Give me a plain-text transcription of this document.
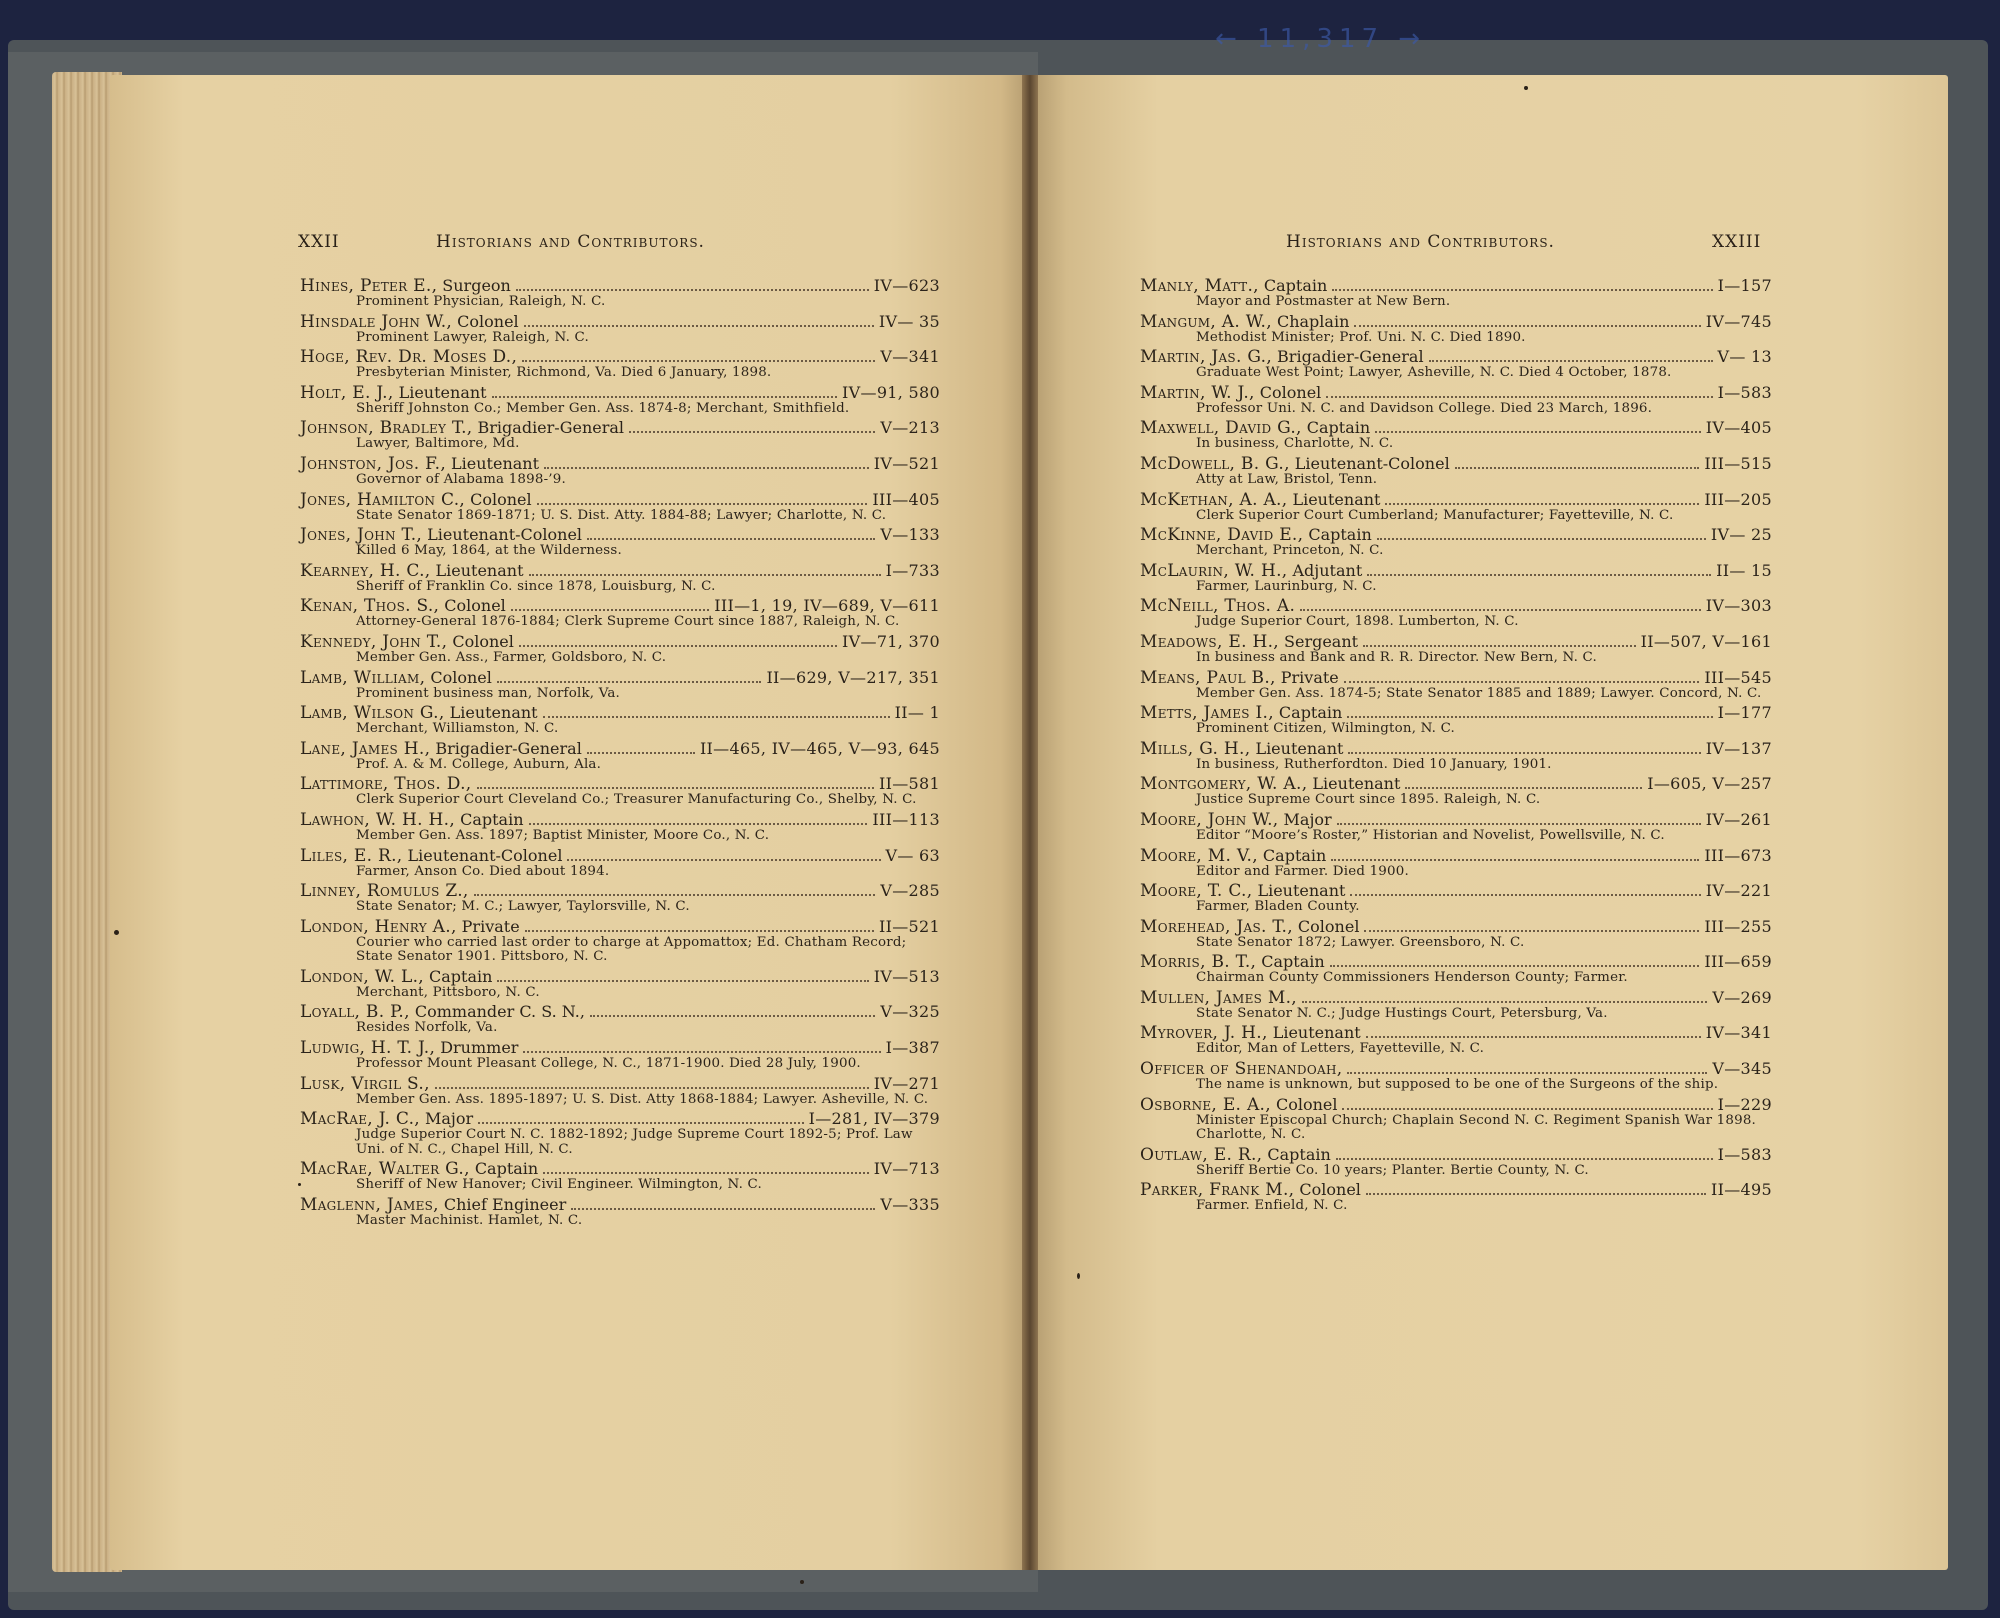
← 11,317 →
XXII	Historians and Contributors.	Historians and Contributors.	XXIII
Hines, Peter E., Surgeon	IV—623
Prominent Physician, Raleigh, N. C.
Hinsdale John W., Colonel	IV— 35
Prominent Lawyer, Raleigh, N. C.
Hoge, Rev. Dr. Moses D.,	V—341
Presbyterian Minister, Richmond, Va. Died 6 January, 1898.
Holt, E. J., Lieutenant	IV—91, 580
Sheriff Johnston Co.; Member Gen. Ass. 1874-8; Merchant, Smithfield.
Johnson, Bradley T., Brigadier-General	V—213
Lawyer, Baltimore, Md.
Johnston, Jos. F., Lieutenant	IV—521
Governor of Alabama 1898-’9.
Jones, Hamilton C., Colonel	III—405
State Senator 1869-1871; U. S. Dist. Atty. 1884-88; Lawyer; Charlotte, N. C.
Jones, John T., Lieutenant-Colonel	V—133
Killed 6 May, 1864, at the Wilderness.
Kearney, H. C., Lieutenant	I—733
Sheriff of Franklin Co. since 1878, Louisburg, N. C.
Kenan, Thos. S., Colonel	III—1, 19, IV—689, V—611
Attorney-General 1876-1884; Clerk Supreme Court since 1887, Raleigh, N. C.
Kennedy, John T., Colonel	IV—71, 370
Member Gen. Ass., Farmer, Goldsboro, N. C.
Lamb, William, Colonel	II—629, V—217, 351
Prominent business man, Norfolk, Va.
Lamb, Wilson G., Lieutenant	II— 1
Merchant, Williamston, N. C.
Lane, James H., Brigadier-General	II—465, IV—465, V—93, 645
Prof. A. & M. College, Auburn, Ala.
Lattimore, Thos. D.,	II—581
Clerk Superior Court Cleveland Co.; Treasurer Manufacturing Co., Shelby, N. C.
Lawhon, W. H. H., Captain	III—113
Member Gen. Ass. 1897; Baptist Minister, Moore Co., N. C.
Liles, E. R., Lieutenant-Colonel	V— 63
Farmer, Anson Co. Died about 1894.
Linney, Romulus Z.,	V—285
State Senator; M. C.; Lawyer, Taylorsville, N. C.
London, Henry A., Private	II—521
Courier who carried last order to charge at Appomattox; Ed. Chatham Record; State Senator 1901. Pittsboro, N. C.
London, W. L., Captain	IV—513
Merchant, Pittsboro, N. C.
Loyall, B. P., Commander C. S. N.,	V—325
Resides Norfolk, Va.
Ludwig, H. T. J., Drummer	I—387
Professor Mount Pleasant College, N. C., 1871-1900. Died 28 July, 1900.
Lusk, Virgil S.,	IV—271
Member Gen. Ass. 1895-1897; U. S. Dist. Atty 1868-1884; Lawyer. Asheville, N. C.
MacRae, J. C., Major	I—281, IV—379
Judge Superior Court N. C. 1882-1892; Judge Supreme Court 1892-5; Prof. Law Uni. of N. C., Chapel Hill, N. C.
MacRae, Walter G., Captain	IV—713
Sheriff of New Hanover; Civil Engineer. Wilmington, N. C.
Maglenn, James, Chief Engineer	V—335
Master Machinist. Hamlet, N. C.
Manly, Matt., Captain	I—157
Mayor and Postmaster at New Bern.
Mangum, A. W., Chaplain	IV—745
Methodist Minister; Prof. Uni. N. C. Died 1890.
Martin, Jas. G., Brigadier-General	V— 13
Graduate West Point; Lawyer, Asheville, N. C. Died 4 October, 1878.
Martin, W. J., Colonel	I—583
Professor Uni. N. C. and Davidson College. Died 23 March, 1896.
Maxwell, David G., Captain	IV—405
In business, Charlotte, N. C.
McDowell, B. G., Lieutenant-Colonel	III—515
Atty at Law, Bristol, Tenn.
McKethan, A. A., Lieutenant	III—205
Clerk Superior Court Cumberland; Manufacturer; Fayetteville, N. C.
McKinne, David E., Captain	IV— 25
Merchant, Princeton, N. C.
McLaurin, W. H., Adjutant	II— 15
Farmer, Laurinburg, N. C.
McNeill, Thos. A.	IV—303
Judge Superior Court, 1898. Lumberton, N. C.
Meadows, E. H., Sergeant	II—507, V—161
In business and Bank and R. R. Director. New Bern, N. C.
Means, Paul B., Private	III—545
Member Gen. Ass. 1874-5; State Senator 1885 and 1889; Lawyer. Concord, N. C.
Metts, James I., Captain	I—177
Prominent Citizen, Wilmington, N. C.
Mills, G. H., Lieutenant	IV—137
In business, Rutherfordton. Died 10 January, 1901.
Montgomery, W. A., Lieutenant	I—605, V—257
Justice Supreme Court since 1895. Raleigh, N. C.
Moore, John W., Major	IV—261
Editor “Moore’s Roster,” Historian and Novelist, Powellsville, N. C.
Moore, M. V., Captain	III—673
Editor and Farmer. Died 1900.
Moore, T. C., Lieutenant	IV—221
Farmer, Bladen County.
Morehead, Jas. T., Colonel	III—255
State Senator 1872; Lawyer. Greensboro, N. C.
Morris, B. T., Captain	III—659
Chairman County Commissioners Henderson County; Farmer.
Mullen, James M.,	V—269
State Senator N. C.; Judge Hustings Court, Petersburg, Va.
Myrover, J. H., Lieutenant	IV—341
Editor, Man of Letters, Fayetteville, N. C.
Officer of Shenandoah,	V—345
The name is unknown, but supposed to be one of the Surgeons of the ship.
Osborne, E. A., Colonel	I—229
Minister Episcopal Church; Chaplain Second N. C. Regiment Spanish War 1898. Charlotte, N. C.
Outlaw, E. R., Captain	I—583
Sheriff Bertie Co. 10 years; Planter. Bertie County, N. C.
Parker, Frank M., Colonel	II—495
Farmer. Enfield, N. C.
